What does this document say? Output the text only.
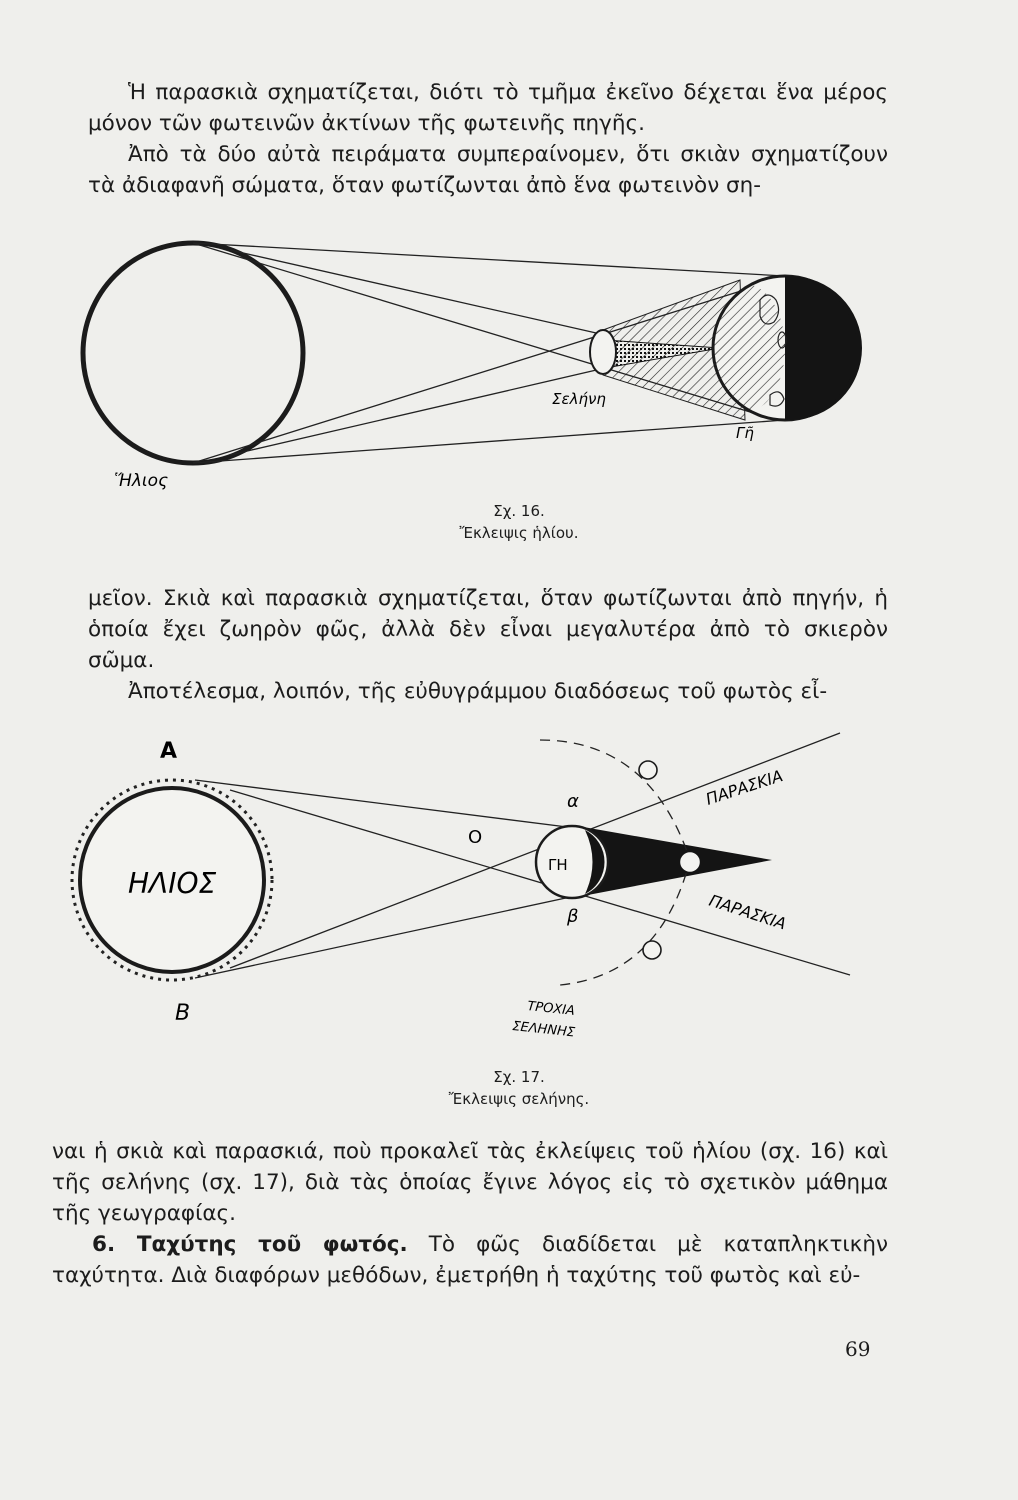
Ἡ παρασκιὰ σχηματίζεται, διότι τὸ τμῆμα ἐκεῖνο δέχεται ἕνα μέρος μόνον τῶν φωτεινῶν ἀκτίνων τῆς φωτεινῆς πηγῆς.

Ἀπὸ τὰ δύο αὐτὰ πειράματα συμπεραίνομεν, ὅτι σκιὰν σχηματίζουν τὰ ἀδιαφανῆ σώματα, ὅταν φωτίζωνται ἀπὸ ἕνα φωτεινὸν ση-

Ἥλιος
Σελήνη
Γῆ
Σχ. 16.
Ἔκλειψις ἡλίου.

μεῖον. Σκιὰ καὶ παρασκιὰ σχηματίζεται, ὅταν φωτίζωνται ἀπὸ πηγήν, ἡ ὁποία ἔχει ζωηρὸν φῶς, ἀλλὰ δὲν εἶναι μεγαλυτέρα ἀπὸ τὸ σκιερὸν σῶμα.

Ἀποτέλεσμα, λοιπόν, τῆς εὐθυγράμμου διαδόσεως τοῦ φωτὸς εἶ-

Α
Β
ΗΛΙΟΣ
Ο
α
β
ΓΗ
ΠΑΡΑΣΚΙΑ
ΠΑΡΑΣΚΙΑ
ΤΡΟΧΙΑ
ΣΕΛΗΝΗΣ
Σχ. 17.
Ἔκλειψις σελήνης.

ναι ἡ σκιὰ καὶ παρασκιά, ποὺ προκαλεῖ τὰς ἐκλείψεις τοῦ ἡλίου (σχ. 16) καὶ τῆς σελήνης (σχ. 17), διὰ τὰς ὁποίας ἔγινε λόγος εἰς τὸ σχετικὸν μάθημα τῆς γεωγραφίας.

6. Ταχύτης τοῦ φωτός. Τὸ φῶς διαδίδεται μὲ καταπληκτικὴν ταχύτητα. Διὰ διαφόρων μεθόδων, ἐμετρήθη ἡ ταχύτης τοῦ φωτὸς καὶ εὐ-

69
